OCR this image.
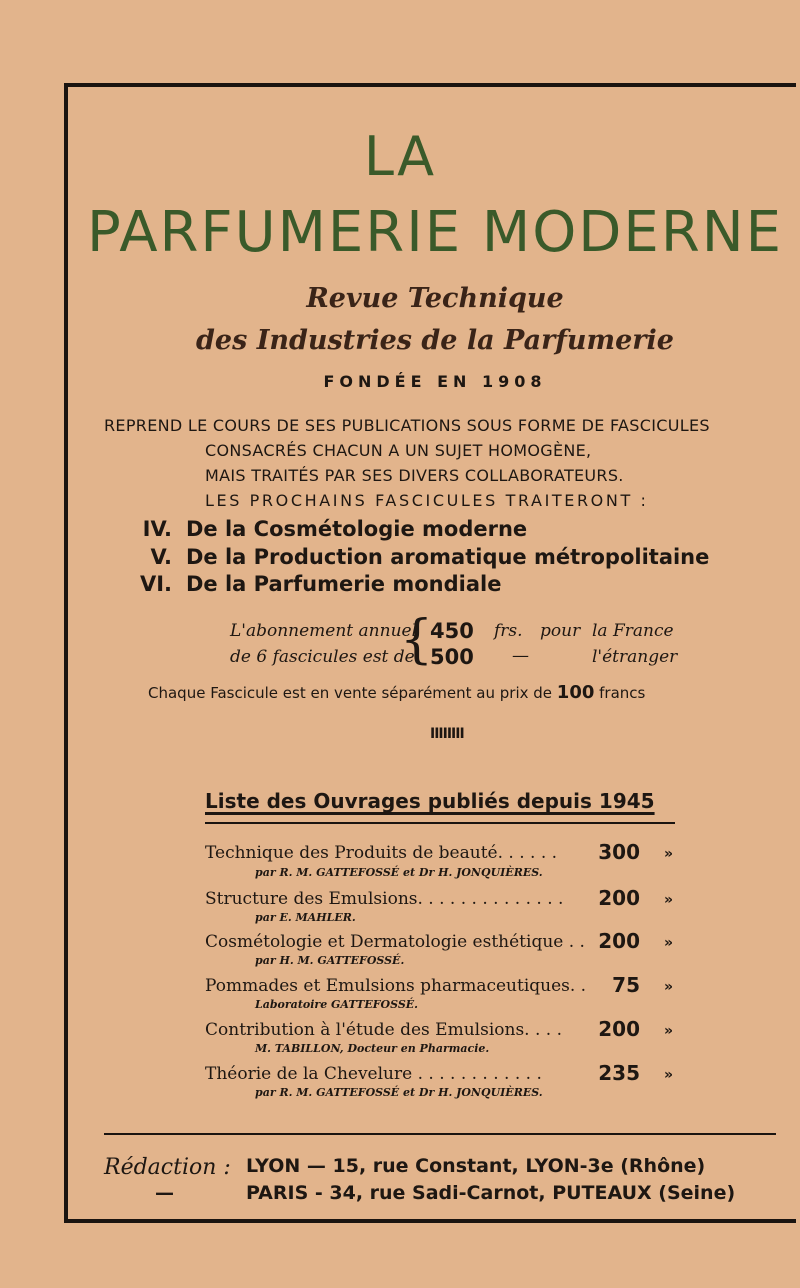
LA
PARFUMERIE MODERNE
Revue Technique
des Industries de la Parfumerie
FONDÉE EN 1908
REPREND LE COURS DE SES PUBLICATIONS SOUS FORME DE FASCICULES
CONSACRÉS CHACUN A UN SUJET HOMOGÈNE,
MAIS TRAITÉS PAR SES DIVERS COLLABORATEURS.
LES PROCHAINS FASCICULES TRAITERONT :
IV. De la Cosmétologie moderne
V. De la Production aromatique métropolitaine
VI. De la Parfumerie mondiale
L'abonnement annuel
de 6 fascicules est de
{
450 frs. pour la France
500 —	l'étranger
Chaque Fascicule est en vente séparément au prix de 100 francs
IIIIIIII
Liste des Ouvrages publiés depuis 1945
Technique des Produits de beauté. . . . . .	300 »
par R. M. GATTEFOSSÉ et Dr H. JONQUIÈRES.
Structure des Emulsions. . . . . . . . . . . . . .	200 »
par E. MAHLER.
Cosmétologie et Dermatologie esthétique . . 200 »
par H. M. GATTEFOSSÉ.
Pommades et Emulsions pharmaceutiques. .	75 »
Laboratoire GATTEFOSSÉ.
Contribution à l'étude des Emulsions. . . .	200 »
M. TABILLON, Docteur en Pharmacie.
Théorie de la Chevelure . . . . . . . . . . . .	235 »
par R. M. GATTEFOSSÉ et Dr H. JONQUIÈRES.
Rédaction : LYON — 15, rue Constant, LYON-3e (Rhône)
—	PARIS - 34, rue Sadi-Carnot, PUTEAUX (Seine)
